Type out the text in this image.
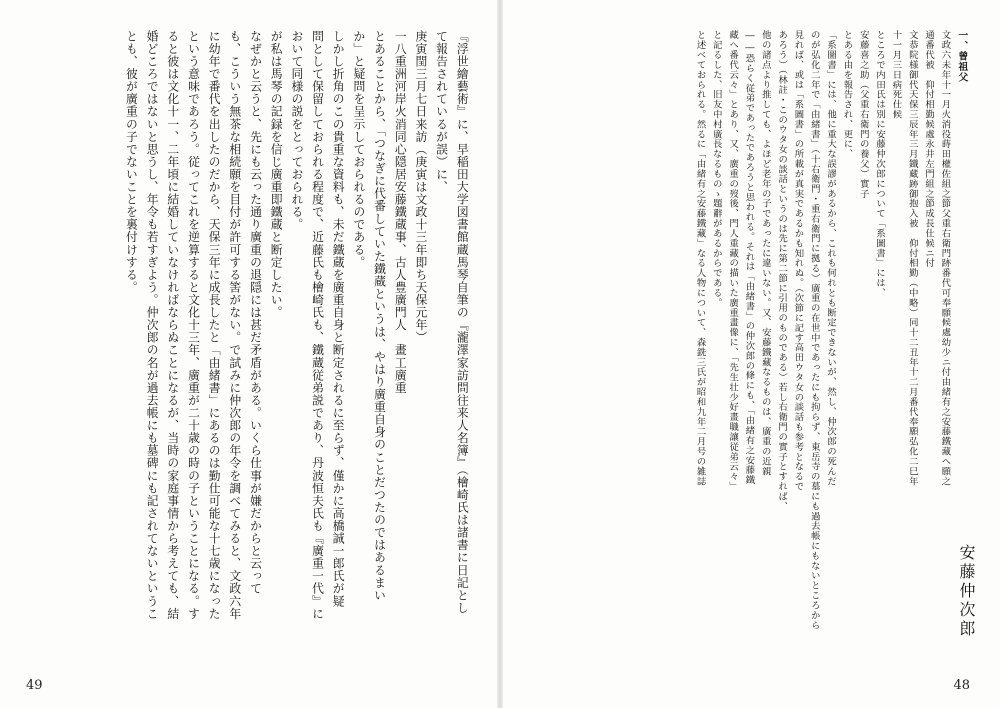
一、曾祖父

文政六未年十一月火消役蒔田權佐組之節父重右衛門跡番代可奉願候處幼少ニ付由緒有之安藤鐵藏へ願之

通番代被　仰付相勤候處永井左門組之節成長仕候ニ付

文恭院様御代天保三辰年三月鐵藏跡御抱入被　仰付相勤（中略）同十二丑年十二月番代奉願弘化二巳年

十一月三日病死仕候

ところで内田氏は別に安藤仲次郎について「系圖書」には、

安藤喜之助（父重右衛門の養父）實子

とある由を報告され、更に、

「系圖書」には、他に重大な誤謬があるから、これも何れとも断定できないが、然し、仲次郎の死んだ

のが弘化二年で「由緒書」（十右衛門・重右衛門に拠る）廣重の在世中であったにも拘らず、東岳寺の墓にも過去帳にもないところから

見れば、或は「系圖書」の所載が真実であるかも知れぬ。（次節に記す高田ウタ女の談話も参考となるで

あろう）（林註・このウタ女の談話というのは先に第二節に引用のものである）若し右衛門の實子とすれば、

他の諸点より推しても、よほど老年の子であったに違いない。又、安藤鐵藏なるものは、廣重の近親

――恐らく従弟であったであろうと思われる。それは「由緒書」の仲次郎の條にも、「由緒有之安藤鐵

藏へ番代云々」とあり、又、廣重の歿後、門人重藏の描いた廣重畫像に、「先生壮少好畫職讓従弟云々」

と記るした、旧友中村廣長なるものゝ題辭があるからである。

と述べておられる。然るに「由緒有之安藤鐵藏」なる人物について、森銑三氏が昭和九年二月号の雑誌

安藤仲次郎
48

『浮世繪藝術』に、早稲田大学図書館蔵馬琴自筆の『瀧澤家訪問往来人名簿』（檜崎氏は諸書に日記とし

て報告されているが誤）に、

庚寅閏三月七日来訪（庚寅は文政十三年即ち天保元年）

一八重洲河岸火消同心隠居安藤鐵蔵事、古人豊廣門人　畫工廣重

とあることから、「つなぎに代番していた鐵蔵というは、やはり廣重自身のことだつたのではあるまい

か」と疑問を呈示しておられるのである。

しかし折角のこの貴重な資料も、未だ鐵蔵を廣重自身と断定されるに至らず、僅かに高橋誠一郎氏が疑

問として保留しておられる程度で、近藤氏も檜崎氏も、鐵蔵従弟説であり、丹波恒夫氏も『廣重一代』に

おいて同様の説をとっておられる。

が私は馬琴の記録を信じ廣重即鐵蔵と断定したい。

なぜかと云うと、先にも云った通り廣重の退隠には甚だ矛盾がある。いくら仕事が嫌だからと云って

も、こういう無茶な相続願を目付が許可する筈がない。で試みに仲次郎の年令を調べてみると、文政六年

に幼年で番代を出したのだから、天保三年に成長したと「由緒書」にあるのは勤仕可能な十七歳になった

という意味であろう。従ってこれを逆算すると文化十三年、廣重が二十歳の時の子ということになる。す

ると彼は文化十一、二年頃に結婚していなければならぬことになるが、当時の家庭事情から考えても、結

婚どころではないと思うし、年令も若すぎよう。仲次郎の名が過去帳にも墓碑にも記されてないというこ

とも、彼が廣重の子でないことを裏付けする。

49
